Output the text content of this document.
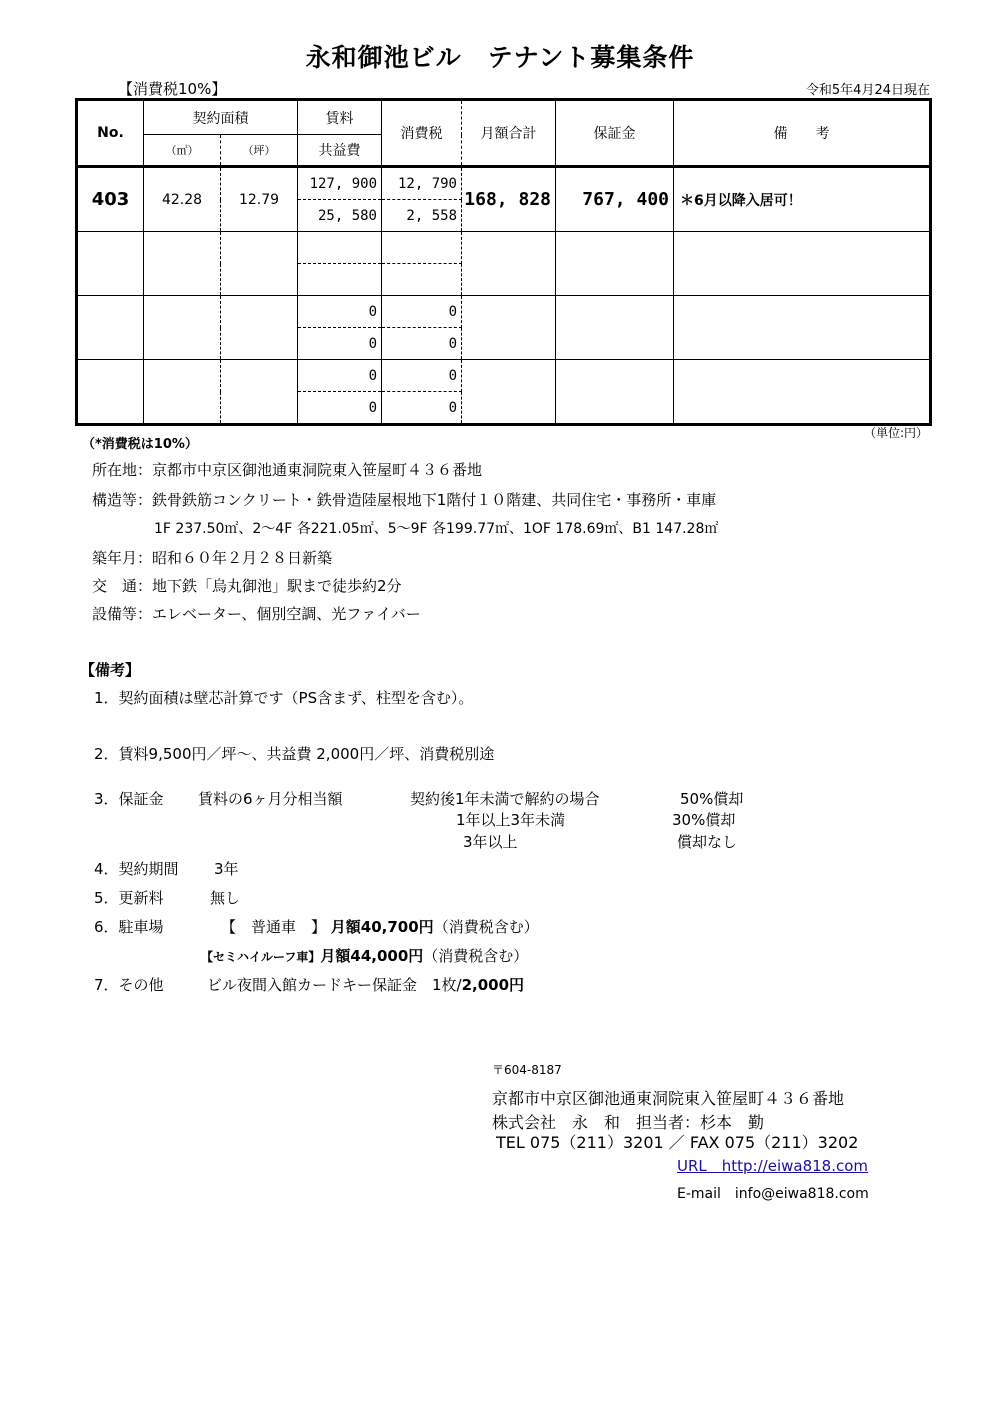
永和御池ビル　テナント募集条件
【消費税10%】	令和5年4月24日現在
No.	契約面積		賃料	消費税	月額合計	保証金	備　　考
	（㎡）	（坪）	共益費				
403	42.28	12.79	127, 900	12, 790	168, 828	767, 400	＊6月以降入居可！
			25, 580	2, 558			

			0	0			
			0	0			
			0	0			
			0	0			
（単位:円）
（*消費税は10%）
所在地：京都市中京区御池通東洞院東入笹屋町４３６番地
構造等：鉄骨鉄筋コンクリート・鉄骨造陸屋根地下1階付１０階建、共同住宅・事務所・車庫
1F 237.50㎡、2～4F 各221.05㎡、5～9F 各199.77㎡、1OF 178.69㎡、B1 147.28㎡
築年月：昭和６０年２月２８日新築
交　通：地下鉄「烏丸御池」駅まで徒歩約2分
設備等：エレベーター、個別空調、光ファイバー
【備考】
1．契約面積は壁芯計算です（PS含まず、柱型を含む）。
2．賃料9,500円／坪～、共益費 2,000円／坪、消費税別途
3．保証金 賃料の6ヶ月分相当額	契約後1年未満で解約の場合	50%償却
1年以上3年未満	30%償却
3年以上	償却なし
4．契約期間 3年
5．更新料	無し
6．駐車場	【　普通車　】 月額40,700円（消費税含む）
【セミハイルーフ車】月額44,000円（消費税含む）
7．その他	ビル夜間入館カードキー保証金　1枚/2,000円
〒604-8187
京都市中京区御池通東洞院東入笹屋町４３６番地
株式会社　永　和　担当者：杉本　勤
TEL 075（211）3201 ／ FAX 075（211）3202
URL　http://eiwa818.com
E-mail　info@eiwa818.com
